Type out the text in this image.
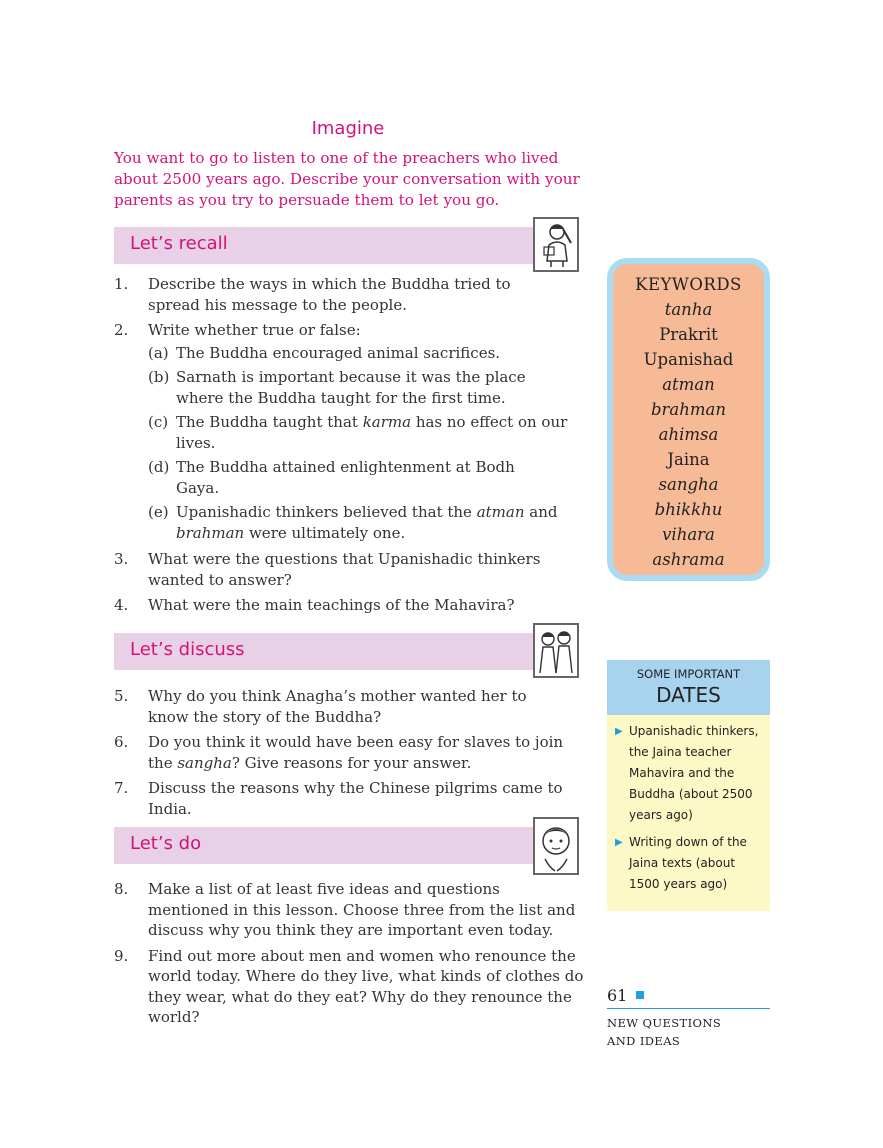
Imagine
You want to go to listen to one of the preachers who lived about 2500 years ago. Describe your conversation with your parents as you try to persuade them to let you go.
Let’s recall
1.	Describe the ways in which the Buddha tried to spread his message to the people.
2.	Write whether true or false:
(a) The Buddha encouraged animal sacrifices.
(b) Sarnath is important because it was the place where the Buddha taught for the first time.
(c) The Buddha taught that karma has no effect on our lives.
(d) The Buddha attained enlightenment at Bodh Gaya.
(e) Upanishadic thinkers believed that the atman and brahman were ultimately one.
3.	What were the questions that Upanishadic thinkers wanted to answer?
4.	What were the main teachings of the Mahavira?
Let’s discuss
5.	Why do you think Anagha’s mother wanted her to know the story of the Buddha?
6.	Do you think it would have been easy for slaves to join the sangha? Give reasons for your answer.
7.	Discuss the reasons why the Chinese pilgrims came to India.
Let’s do
8.	Make a list of at least five ideas and questions mentioned in this lesson. Choose three from the list and discuss why you think they are important even today.
9.	Find out more about men and women who renounce the world today. Where do they live, what kinds of clothes do they wear, what do they eat? Why do they renounce the world?
KEYWORDS
tanha
Prakrit
Upanishad
atman
brahman
ahimsa
Jaina
sangha
bhikkhu
vihara
ashrama
SOME IMPORTANT
DATES
▶ Upanishadic thinkers, the Jaina teacher Mahavira and the Buddha (about 2500 years ago)
▶ Writing down of the Jaina texts (about 1500 years ago)
61
NEW QUESTIONS
AND IDEAS
